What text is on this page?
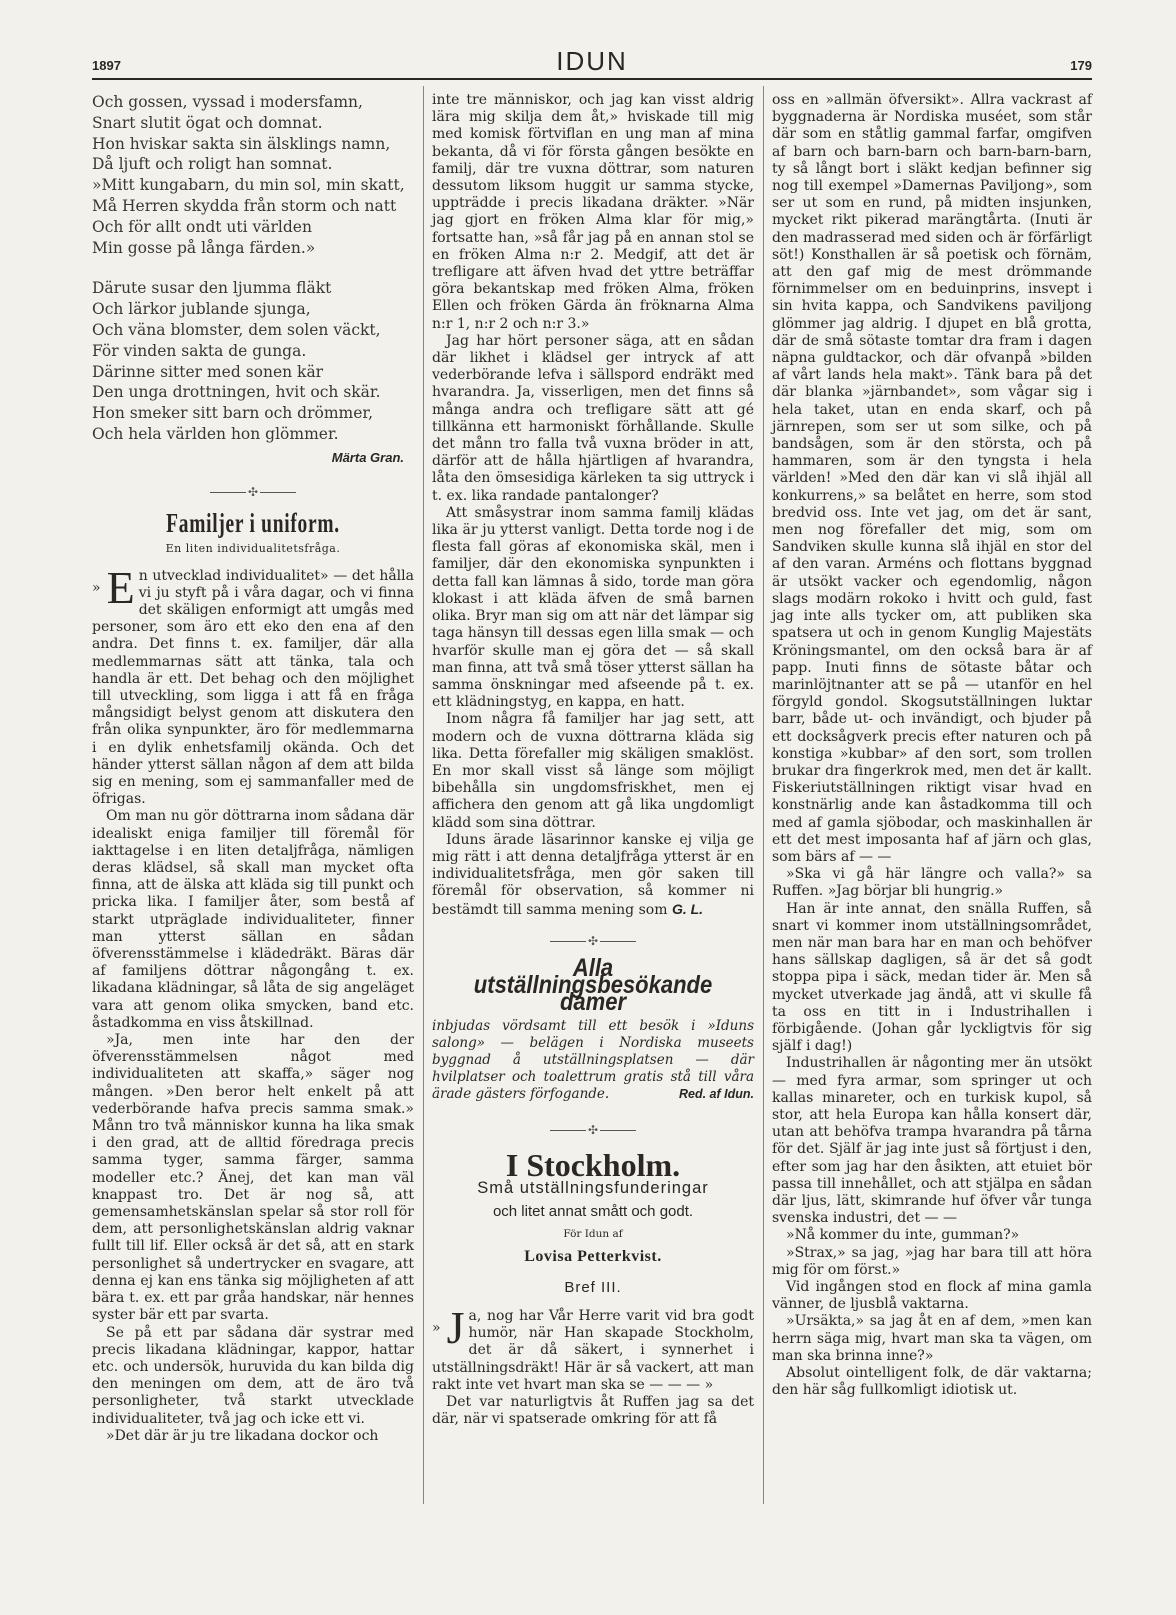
1897	IDUN	179

Och gossen, vyssad i modersfamn,

Snart slutit ögat och domnat.

Hon hviskar sakta sin älsklings namn,

Då ljuft och roligt han somnat.

»Mitt kungabarn, du min sol, min skatt,

Må Herren skydda från storm och natt

Och för allt ondt uti världen

Min gosse på långa färden.»

Därute susar den ljumma fläkt

Och lärkor jublande sjunga,

Och väna blomster, dem solen väckt,

För vinden sakta de gunga.

Därinne sitter med sonen kär

Den unga drottningen, hvit och skär.

Hon smeker sitt barn och drömmer,

Och hela världen hon glömmer.

Märta Gran.
✣
Familjer i uniform.
En liten individualitetsfråga.

» E n utvecklad individualitet» — det hålla vi ju styft på i våra dagar, och vi finna det skäligen enformigt att umgås med personer, som äro ett eko den ena af den andra. Det finns t. ex. familjer, där alla medlemmarnas sätt att tänka, tala och handla är ett. Det behag och den möjlighet till utveckling, som ligga i att få en fråga mångsidigt belyst genom att diskutera den från olika synpunkter, äro för medlemmarna i en dylik enhetsfamilj okända. Och det händer ytterst sällan någon af dem att bilda sig en mening, som ej sammanfaller med de öfrigas.

Om man nu gör döttrarna inom sådana där idealiskt eniga familjer till föremål för iakttagelse i en liten detaljfråga, nämligen deras klädsel, så skall man mycket ofta finna, att de älska att kläda sig till punkt och pricka lika. I familjer åter, som bestå af starkt utpräglade individualiteter, finner man ytterst sällan en sådan öfverensstämmelse i klädedräkt. Bäras där af familjens döttrar någongång t. ex. likadana klädningar, så låta de sig angeläget vara att genom olika smycken, band etc. åstadkomma en viss åtskillnad.

»Ja, men inte har den der öfverensstämmelsen något med individualiteten att skaffa,» säger nog mången. »Den beror helt enkelt på att vederbörande hafva precis samma smak.» Månn tro två människor kunna ha lika smak i den grad, att de alltid föredraga precis samma tyger, samma färger, samma modeller etc.? Änej, det kan man väl knappast tro. Det är nog så, att gemensamhetskänslan spelar så stor roll för dem, att personlighetskänslan aldrig vaknar fullt till lif. Eller också är det så, att en stark personlighet så undertrycker en svagare, att denna ej kan ens tänka sig möjligheten af att bära t. ex. ett par gråa handskar, när hennes syster bär ett par svarta.

Se på ett par sådana där systrar med precis likadana klädningar, kappor, hattar etc. och undersök, huruvida du kan bilda dig den meningen om dem, att de äro två personligheter, två starkt utvecklade individualiteter, två jag och icke ett vi.

»Det där är ju tre likadana dockor och

inte tre människor, och jag kan visst aldrig lära mig skilja dem åt,» hviskade till mig med komisk förtviflan en ung man af mina bekanta, då vi för första gången besökte en familj, där tre vuxna döttrar, som naturen dessutom liksom huggit ur samma stycke, uppträdde i precis likadana dräkter. »När jag gjort en fröken Alma klar för mig,» fortsatte han, »så får jag på en annan stol se en fröken Alma n:r 2. Medgif, att det är trefligare att äfven hvad det yttre beträffar göra bekantskap med fröken Alma, fröken Ellen och fröken Gärda än fröknarna Alma n:r 1, n:r 2 och n:r 3.»

Jag har hört personer säga, att en sådan där likhet i klädsel ger intryck af att vederbörande lefva i sällspord endräkt med hvarandra. Ja, visserligen, men det finns så många andra och trefligare sätt att gé tillkänna ett harmoniskt förhållande. Skulle det månn tro falla två vuxna bröder in att, därför att de hålla hjärtligen af hvarandra, låta den ömsesidiga kärleken ta sig uttryck i t. ex. lika randade pantalonger?

Att småsystrar inom samma familj klädas lika är ju ytterst vanligt. Detta torde nog i de flesta fall göras af ekonomiska skäl, men i familjer, där den ekonomiska synpunkten i detta fall kan lämnas å sido, torde man göra klokast i att kläda äfven de små barnen olika. Bryr man sig om att när det lämpar sig taga hänsyn till dessas egen lilla smak — och hvarför skulle man ej göra det — så skall man finna, att två små töser ytterst sällan ha samma önskningar med afseende på t. ex. ett klädningstyg, en kappa, en hatt.

Inom några få familjer har jag sett, att modern och de vuxna döttrarna kläda sig lika. Detta förefaller mig skäligen smaklöst. En mor skall visst så länge som möjligt bibehålla sin ungdomsfriskhet, men ej affichera den genom att gå lika ungdomligt klädd som sina döttrar.

Iduns ärade läsarinnor kanske ej vilja ge mig rätt i att denna detaljfråga ytterst är en individualitetsfråga, men gör saken till föremål för observation, så kommer ni bestämdt till samma mening som G. L.

✣
Alla utställningsbesökande damer
inbjudas vördsamt till ett besök i »Iduns salong» — belägen i Nordiska museets byggnad å utställningsplatsen — där hvilplatser och toalettrum gratis stå till våra ärade gästers förfogande.	Red. af Idun.
✣
I Stockholm.
Små utställningsfunderingar
och litet annat smått och godt.
För Idun af
Lovisa Petterkvist.
Bref III.

» J a, nog har Vår Herre varit vid bra godt humör, när Han skapade Stockholm, det är då säkert, i synnerhet i utställningsdräkt! Här är så vackert, att man rakt inte vet hvart man ska se — — — »

Det var naturligtvis åt Ruffen jag sa det där, när vi spatserade omkring för att få

oss en »allmän öfversikt». Allra vackrast af byggnaderna är Nordiska muséet, som står där som en ståtlig gammal farfar, omgifven af barn och barn-barn och barn-barn-barn, ty så långt bort i släkt kedjan befinner sig nog till exempel »Damernas Paviljong», som ser ut som en rund, på midten insjunken, mycket rikt pikerad marängtårta. (Inuti är den madrasserad med siden och är förfärligt söt!) Konsthallen är så poetisk och förnäm, att den gaf mig de mest drömmande förnimmelser om en beduinprins, insvept i sin hvita kappa, och Sandvikens paviljong glömmer jag aldrig. I djupet en blå grotta, där de små sötaste tomtar dra fram i dagen näpna guldtackor, och där ofvanpå »bilden af vårt lands hela makt». Tänk bara på det där blanka »järnbandet», som vågar sig i hela taket, utan en enda skarf, och på järnrepen, som ser ut som silke, och på bandsågen, som är den största, och på hammaren, som är den tyngsta i hela världen! »Med den där kan vi slå ihjäl all konkurrens,» sa belåtet en herre, som stod bredvid oss. Inte vet jag, om det är sant, men nog förefaller det mig, som om Sandviken skulle kunna slå ihjäl en stor del af den varan. Arméns och flottans byggnad är utsökt vacker och egendomlig, någon slags modärn rokoko i hvitt och guld, fast jag inte alls tycker om, att publiken ska spatsera ut och in genom Kunglig Majestäts Kröningsmantel, om den också bara är af papp. Inuti finns de sötaste båtar och marinlöjtnanter att se på — utanför en hel förgyld gondol. Skogsutställningen luktar barr, både ut- och invändigt, och bjuder på ett docksågverk precis efter naturen och på konstiga »kubbar» af den sort, som trollen brukar dra fingerkrok med, men det är kallt. Fiskeriutställningen riktigt visar hvad en konstnärlig ande kan åstadkomma till och med af gamla sjöbodar, och maskinhallen är ett det mest imposanta haf af järn och glas, som bärs af — —

»Ska vi gå här längre och valla?» sa Ruffen. »Jag börjar bli hungrig.»

Han är inte annat, den snälla Ruffen, så snart vi kommer inom utställningsområdet, men när man bara har en man och behöfver hans sällskap dagligen, så är det så godt stoppa pipa i säck, medan tider är. Men så mycket utverkade jag ändå, att vi skulle få ta oss en titt in i Industrihallen i förbigående. (Johan går lyckligtvis för sig själf i dag!)

Industrihallen är någonting mer än utsökt — med fyra armar, som springer ut och kallas minareter, och en turkisk kupol, så stor, att hela Europa kan hålla konsert där, utan att behöfva trampa hvarandra på tårna för det. Själf är jag inte just så förtjust i den, efter som jag har den åsikten, att etuiet bör passa till innehållet, och att stjälpa en sådan där ljus, lätt, skimrande huf öfver vår tunga svenska industri, det — —

»Nå kommer du inte, gumman?»

»Strax,» sa jag, »jag har bara till att höra mig för om först.»

Vid ingången stod en flock af mina gamla vänner, de ljusblå vaktarna.

»Ursäkta,» sa jag åt en af dem, »men kan herrn säga mig, hvart man ska ta vägen, om man ska brinna inne?»

Absolut ointelligent folk, de där vaktarna; den här såg fullkomligt idiotisk ut.
